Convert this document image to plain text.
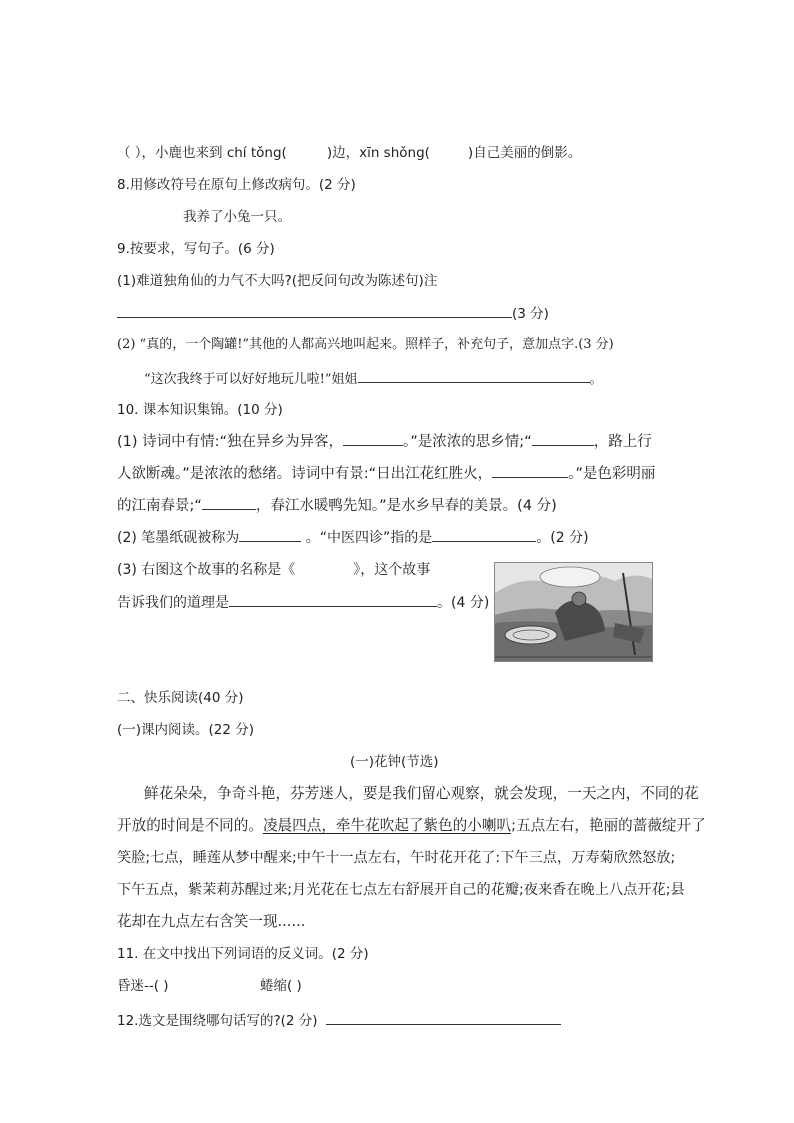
（ ），小鹿也来到 chí tǒng(	)边，xīn shǒng(	)自己美丽的倒影。
8.用修改符号在原句上修改病句。(2 分)
我养了小兔一只。
9.按要求，写句子。(6 分)
(1)难道独角仙的力气不大吗?(把反问句改为陈述句)注
(3 分)
(2) “真的，一个陶罐!”其他的人都高兴地叫起来。照样子，补充句子，意加点字.(3 分)
“这次我终于可以好好地玩儿啦!”姐姐	。
10. 课本知识集锦。(10 分)
(1) 诗词中有情:“独在异乡为异客，	。”是浓浓的思乡情;“	，路上行
人欲断魂。”是浓浓的愁绪。诗词中有景:“日出江花红胜火，	。”是色彩明丽
的江南春景;“	，春江水暖鸭先知。”是水乡早春的美景。(4 分)
(2) 笔墨纸砚被称为	。“中医四诊”指的是	。(2 分)
(3) 右图这个故事的名称是《	》，这个故事
告诉我们的道理是	。(4 分)
二、快乐阅读(40 分)
(一)课内阅读。(22 分)
(一)花钟(节选)
鲜花朵朵，争奇斗艳，芬芳迷人，要是我们留心观察，就会发现，一天之内，不同的花
开放的时间是不同的。凌晨四点，牵牛花吹起了紫色的小喇叭;五点左右，艳丽的蔷薇绽开了
笑脸;七点，睡莲从梦中醒来;中午十一点左右，午时花开花了:下午三点，万寿菊欣然怒放;
下午五点，紫茉莉苏醒过来;月光花在七点左右舒展开自己的花瓣;夜来香在晚上八点开花;县
花却在九点左右含笑一现......
11. 在文中找出下列词语的反义词。(2 分)
昏迷--( )	蜷缩( )
12.选文是围绕哪句话写的?(2 分)
